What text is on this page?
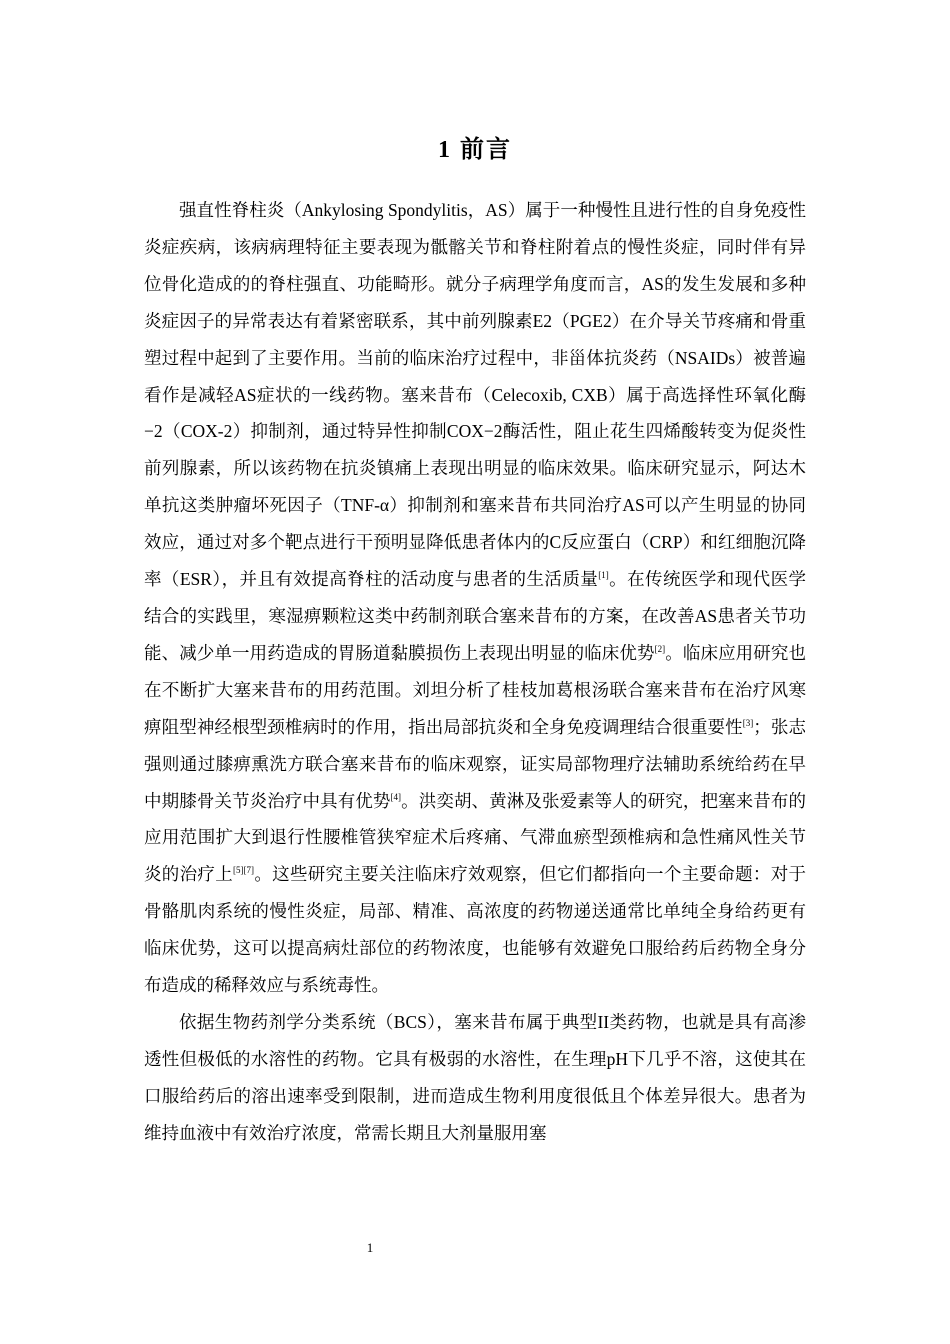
1 前言

强直性脊柱炎（Ankylosing Spondylitis，AS）属于一种慢性且进行性的自身免疫性炎症疾病，该病病理特征主要表现为骶髂关节和脊柱附着点的慢性炎症，同时伴有异位骨化造成的的脊柱强直、功能畸形。就分子病理学角度而言，AS的发生发展和多种炎症因子的异常表达有着紧密联系，其中前列腺素E2（PGE2）在介导关节疼痛和骨重塑过程中起到了主要作用。当前的临床治疗过程中，非甾体抗炎药（NSAIDs）被普遍看作是减轻AS症状的一线药物。塞来昔布（Celecoxib, CXB）属于高选择性环氧化酶−2（COX-2）抑制剂，通过特异性抑制COX−2酶活性，阻止花生四烯酸转变为促炎性前列腺素，所以该药物在抗炎镇痛上表现出明显的临床效果。临床研究显示，阿达木单抗这类肿瘤坏死因子（TNF-α）抑制剂和塞来昔布共同治疗AS可以产生明显的协同效应，通过对多个靶点进行干预明显降低患者体内的C反应蛋白（CRP）和红细胞沉降率（ESR），并且有效提高脊柱的活动度与患者的生活质量[1]。在传统医学和现代医学结合的实践里，寒湿痹颗粒这类中药制剂联合塞来昔布的方案，在改善AS患者关节功能、减少单一用药造成的胃肠道黏膜损伤上表现出明显的临床优势[2]。临床应用研究也在不断扩大塞来昔布的用药范围。刘坦分析了桂枝加葛根汤联合塞来昔布在治疗风寒痹阻型神经根型颈椎病时的作用，指出局部抗炎和全身免疫调理结合很重要性[3]；张志强则通过膝痹熏洗方联合塞来昔布的临床观察，证实局部物理疗法辅助系统给药在早中期膝骨关节炎治疗中具有优势[4]。洪奕胡、黄淋及张爱素等人的研究，把塞来昔布的应用范围扩大到退行性腰椎管狭窄症术后疼痛、气滞血瘀型颈椎病和急性痛风性关节炎的治疗上[5][7]。这些研究主要关注临床疗效观察，但它们都指向一个主要命题：对于骨骼肌肉系统的慢性炎症，局部、精准、高浓度的药物递送通常比单纯全身给药更有临床优势，这可以提高病灶部位的药物浓度，也能够有效避免口服给药后药物全身分布造成的稀释效应与系统毒性。

依据生物药剂学分类系统（BCS），塞来昔布属于典型II类药物，也就是具有高渗透性但极低的水溶性的药物。它具有极弱的水溶性，在生理pH下几乎不溶，这使其在口服给药后的溶出速率受到限制，进而造成生物利用度很低且个体差异很大。患者为维持血液中有效治疗浓度，常需长期且大剂量服用塞

1
